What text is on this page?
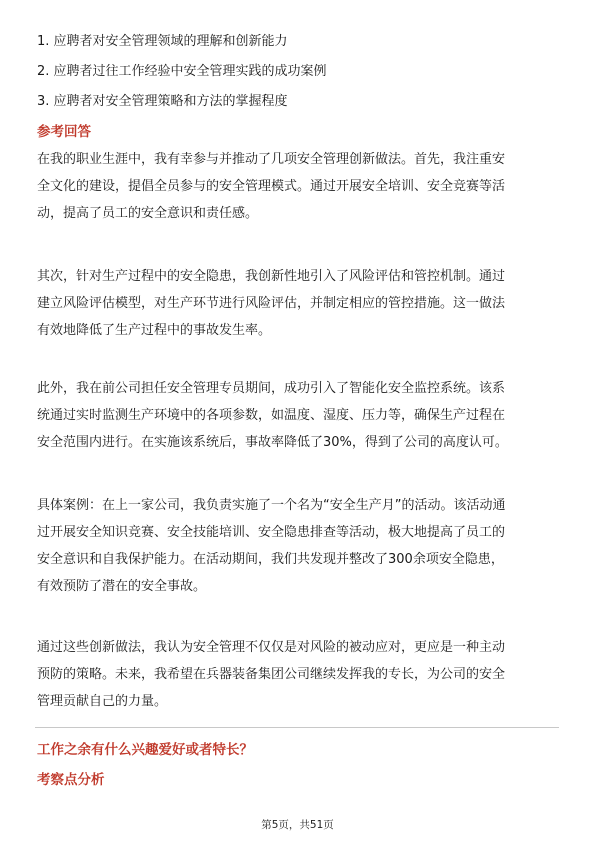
1. 应聘者对安全管理领域的理解和创新能力
2. 应聘者过往工作经验中安全管理实践的成功案例
3. 应聘者对安全管理策略和方法的掌握程度
参考回答
在我的职业生涯中，我有幸参与并推动了几项安全管理创新做法。首先，我注重安
全文化的建设，提倡全员参与的安全管理模式。通过开展安全培训、安全竞赛等活
动，提高了员工的安全意识和责任感。
其次，针对生产过程中的安全隐患，我创新性地引入了风险评估和管控机制。通过
建立风险评估模型，对生产环节进行风险评估，并制定相应的管控措施。这一做法
有效地降低了生产过程中的事故发生率。
此外，我在前公司担任安全管理专员期间，成功引入了智能化安全监控系统。该系
统通过实时监测生产环境中的各项参数，如温度、湿度、压力等，确保生产过程在
安全范围内进行。在实施该系统后，事故率降低了30%，得到了公司的高度认可。
具体案例：在上一家公司，我负责实施了一个名为“安全生产月”的活动。该活动通
过开展安全知识竞赛、安全技能培训、安全隐患排查等活动，极大地提高了员工的
安全意识和自我保护能力。在活动期间，我们共发现并整改了300余项安全隐患，
有效预防了潜在的安全事故。
通过这些创新做法，我认为安全管理不仅仅是对风险的被动应对，更应是一种主动
预防的策略。未来，我希望在兵器装备集团公司继续发挥我的专长，为公司的安全
管理贡献自己的力量。
工作之余有什么兴趣爱好或者特长？
考察点分析
第5页，共51页
